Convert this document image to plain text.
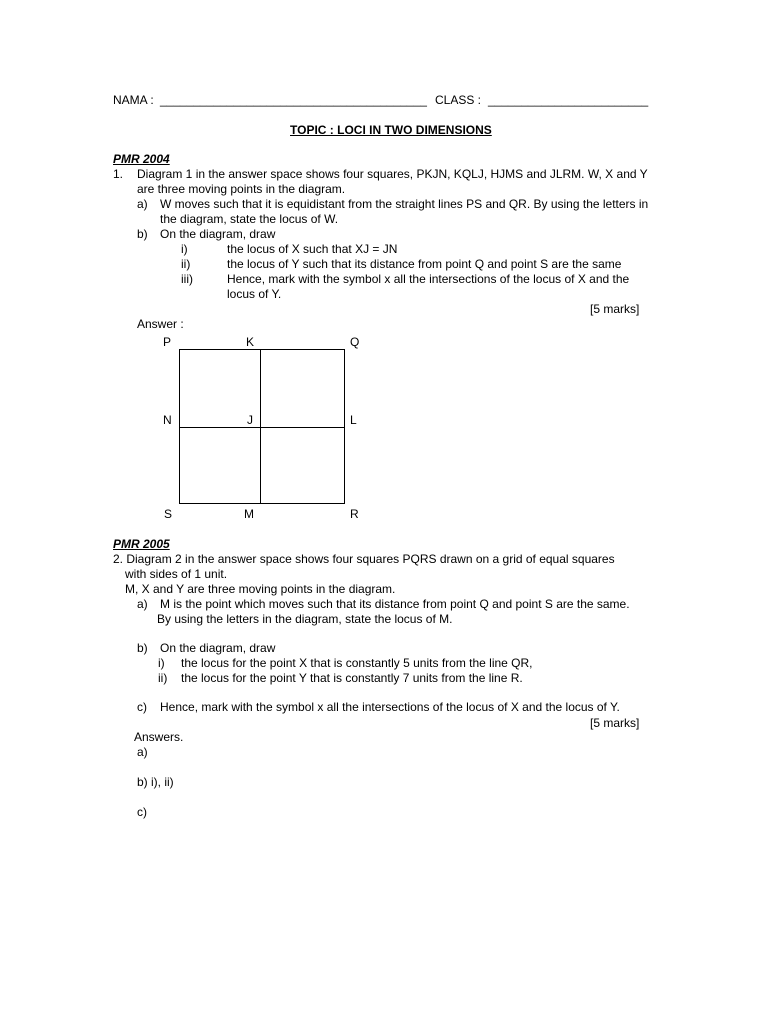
NAMA : ________________________________________ CLASS : ________________________
TOPIC : LOCI IN TWO DIMENSIONS
PMR 2004
1. Diagram 1 in the answer space shows four squares, PKJN, KQLJ, HJMS and JLRM. W, X and Y
are three moving points in the diagram.
a) W moves such that it is equidistant from the straight lines PS and QR. By using the letters in
the diagram, state the locus of W.
b) On the diagram, draw
i)	the locus of X such that XJ = JN
ii)	the locus of Y such that its distance from point Q and point S are the same
iii)	Hence, mark with the symbol x all the intersections of the locus of X and the
locus of Y.
[5 marks]
Answer :
P	K	Q
N	J	L
S	M	R
PMR 2005
2. Diagram 2 in the answer space shows four squares PQRS drawn on a grid of equal squares
with sides of 1 unit.
M, X and Y are three moving points in the diagram.
a) M is the point which moves such that its distance from point Q and point S are the same.
By using the letters in the diagram, state the locus of M.
b) On the diagram, draw
i) the locus for the point X that is constantly 5 units from the line QR,
ii) the locus for the point Y that is constantly 7 units from the line R.
c) Hence, mark with the symbol x all the intersections of the locus of X and the locus of Y.
[5 marks]
Answers.
a)
b) i), ii)
c)
